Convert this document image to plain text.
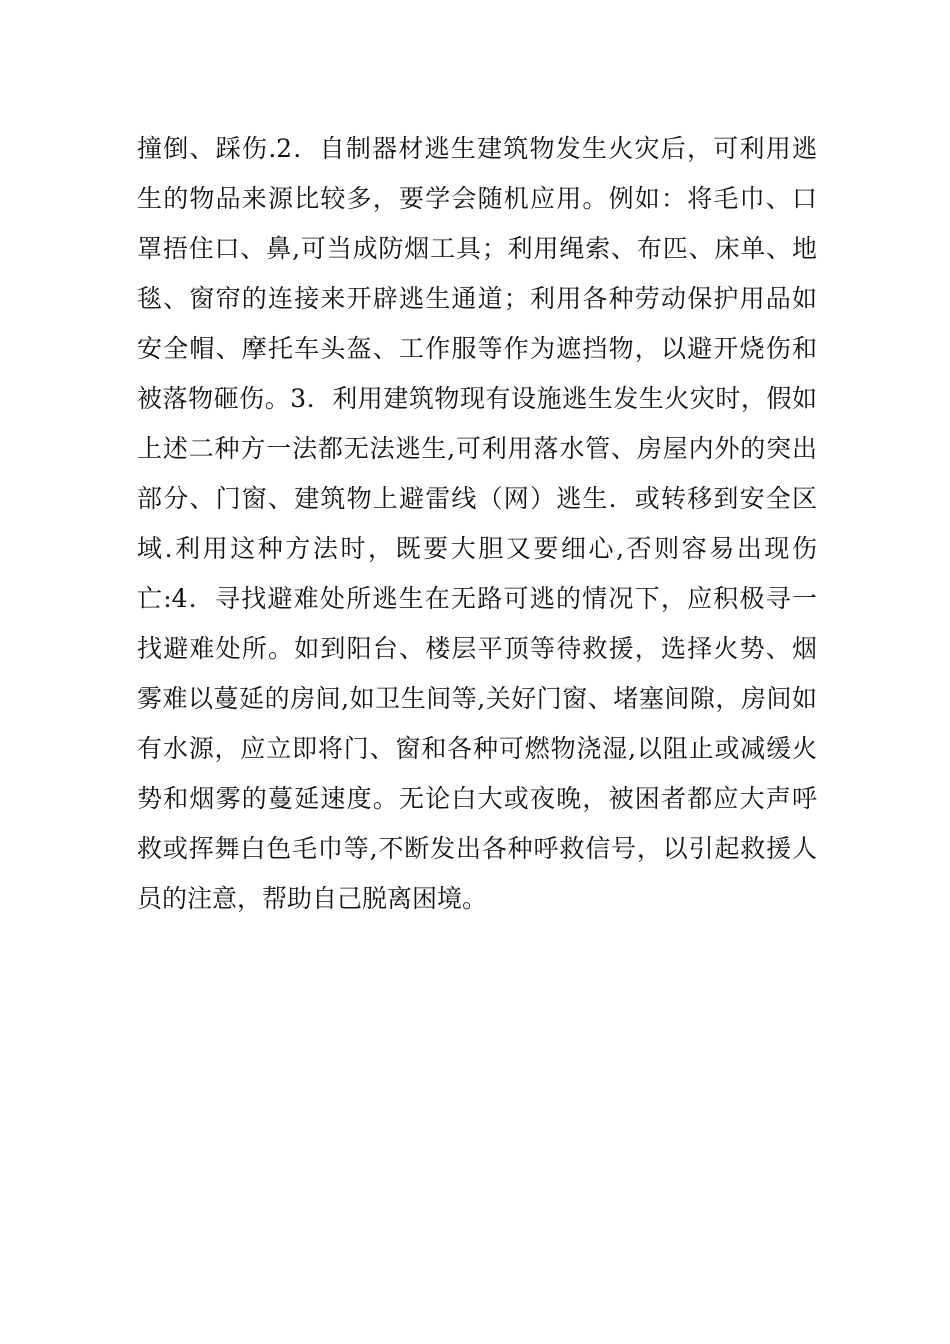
撞倒、踩伤.2．自制器材逃生建筑物发生火灾后，可利用逃
生的物品来源比较多，要学会随机应用。例如：将毛巾、口
罩捂住口、鼻,可当成防烟工具；利用绳索、布匹、床单、地
毯、窗帘的连接来开辟逃生通道；利用各种劳动保护用品如
安全帽、摩托车头盔、工作服等作为遮挡物，以避开烧伤和
被落物砸伤。3．利用建筑物现有设施逃生发生火灾时，假如
上述二种方一法都无法逃生,可利用落水管、房屋内外的突出
部分、门窗、建筑物上避雷线（网）逃生．或转移到安全区
域.利用这种方法时，既要大胆又要细心,否则容易出现伤
亡:4．寻找避难处所逃生在无路可逃的情况下，应积极寻一
找避难处所。如到阳台、楼层平顶等待救援，选择火势、烟
雾难以蔓延的房间,如卫生间等,关好门窗、堵塞间隙，房间如
有水源，应立即将门、窗和各种可燃物浇湿,以阻止或减缓火
势和烟雾的蔓延速度。无论白大或夜晚，被困者都应大声呼
救或挥舞白色毛巾等,不断发出各种呼救信号，以引起救援人
员的注意，帮助自己脱离困境。
